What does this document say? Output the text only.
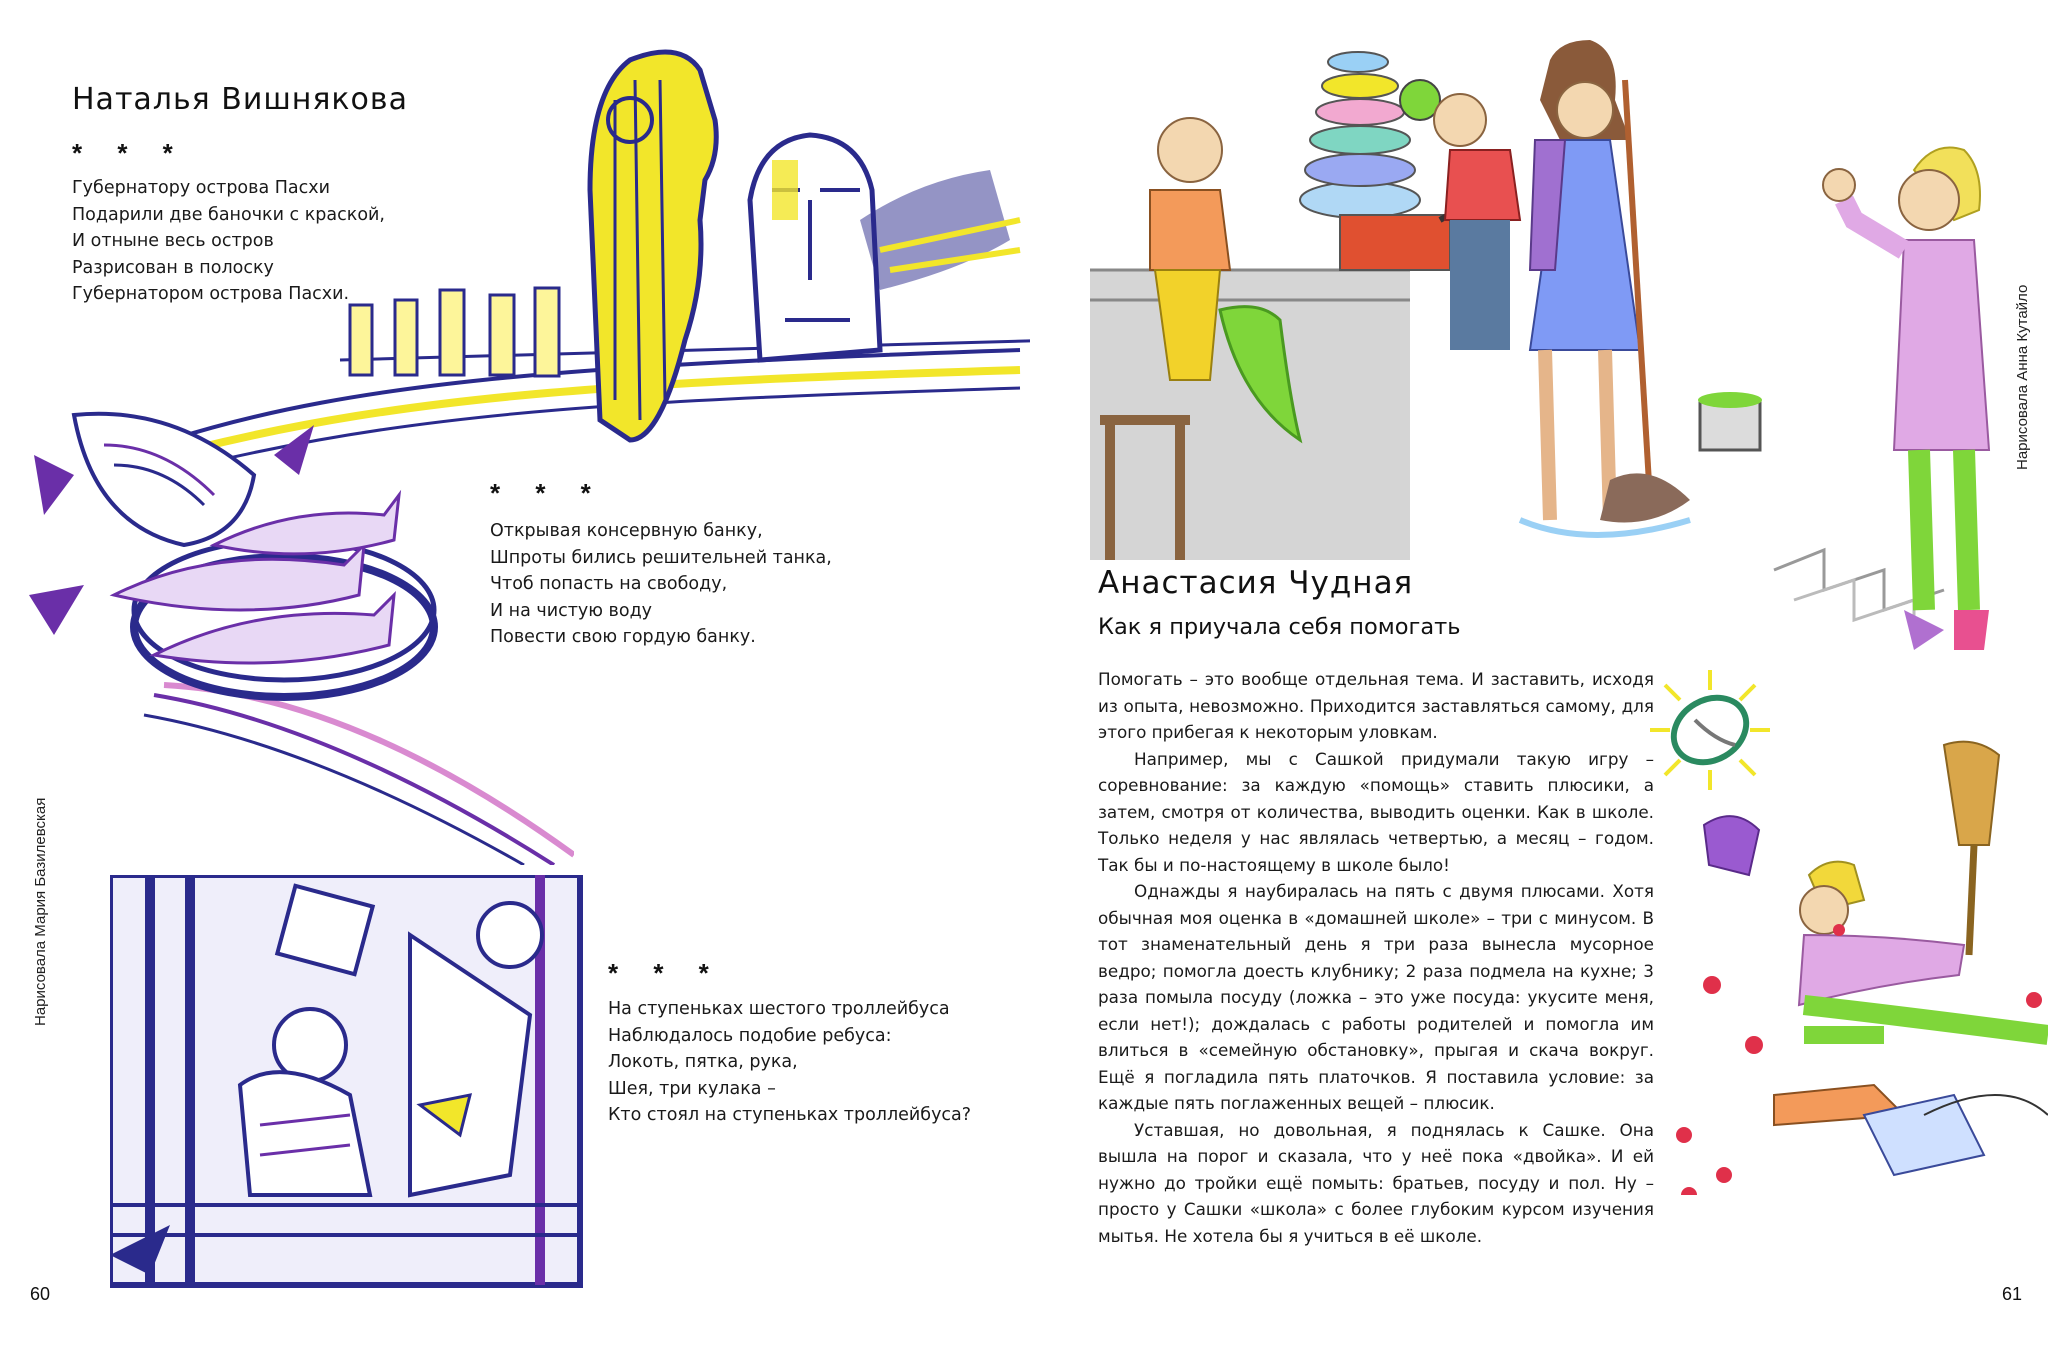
Наталья Вишнякова
* * *
Губернатору острова Пасхи
Подарили две баночки с краской,
И отныне весь остров
Разрисован в полоску
Губернатором острова Пасхи.
* * *
Открывая консервную банку,
Шпроты бились решительней танка,
Чтоб попасть на свободу,
И на чистую воду
Повести свою гордую банку.
* * *
На ступеньках шестого троллейбуса
Наблюдалось подобие ребуса:
Локоть, пятка, рука,
Шея, три кулака –
Кто стоял на ступеньках троллейбуса?
Нарисовала Мария Базилевская
60
Нарисовала Анна Кутайло
Анастасия Чудная
Как я приучала себя помогать

Помогать – это вообще отдельная тема. И заставить, исходя из опыта, невозможно. Приходится заставляться самому, для этого прибегая к некоторым уловкам.

Например, мы с Сашкой придумали такую игру – соревнование: за каждую «помощь» ставить плюсики, а затем, смотря от количества, выводить оценки. Как в школе. Только неделя у нас являлась четвертью, а месяц – годом. Так бы и по-настоящему в школе было!

Однажды я наубиралась на пять с двумя плюсами. Хотя обычная моя оценка в «домашней школе» – три с минусом. В тот знаменательный день я три раза вынесла мусорное ведро; помогла доесть клубнику; 2 раза подмела на кухне; 3 раза помыла посуду (ложка – это уже посуда: укусите меня, если нет!); дождалась с работы родителей и помогла им влиться в «семейную обстановку», прыгая и скача вокруг. Ещё я погладила пять платочков. Я поставила условие: за каждые пять поглаженных вещей – плюсик.

Уставшая, но довольная, я поднялась к Сашке. Она вышла на порог и сказала, что у неё пока «двойка». И ей нужно до тройки ещё помыть: братьев, посуду и пол. Ну – просто у Сашки «школа» с более глубоким курсом изучения мытья. Не хотела бы я учиться в её школе.

61
